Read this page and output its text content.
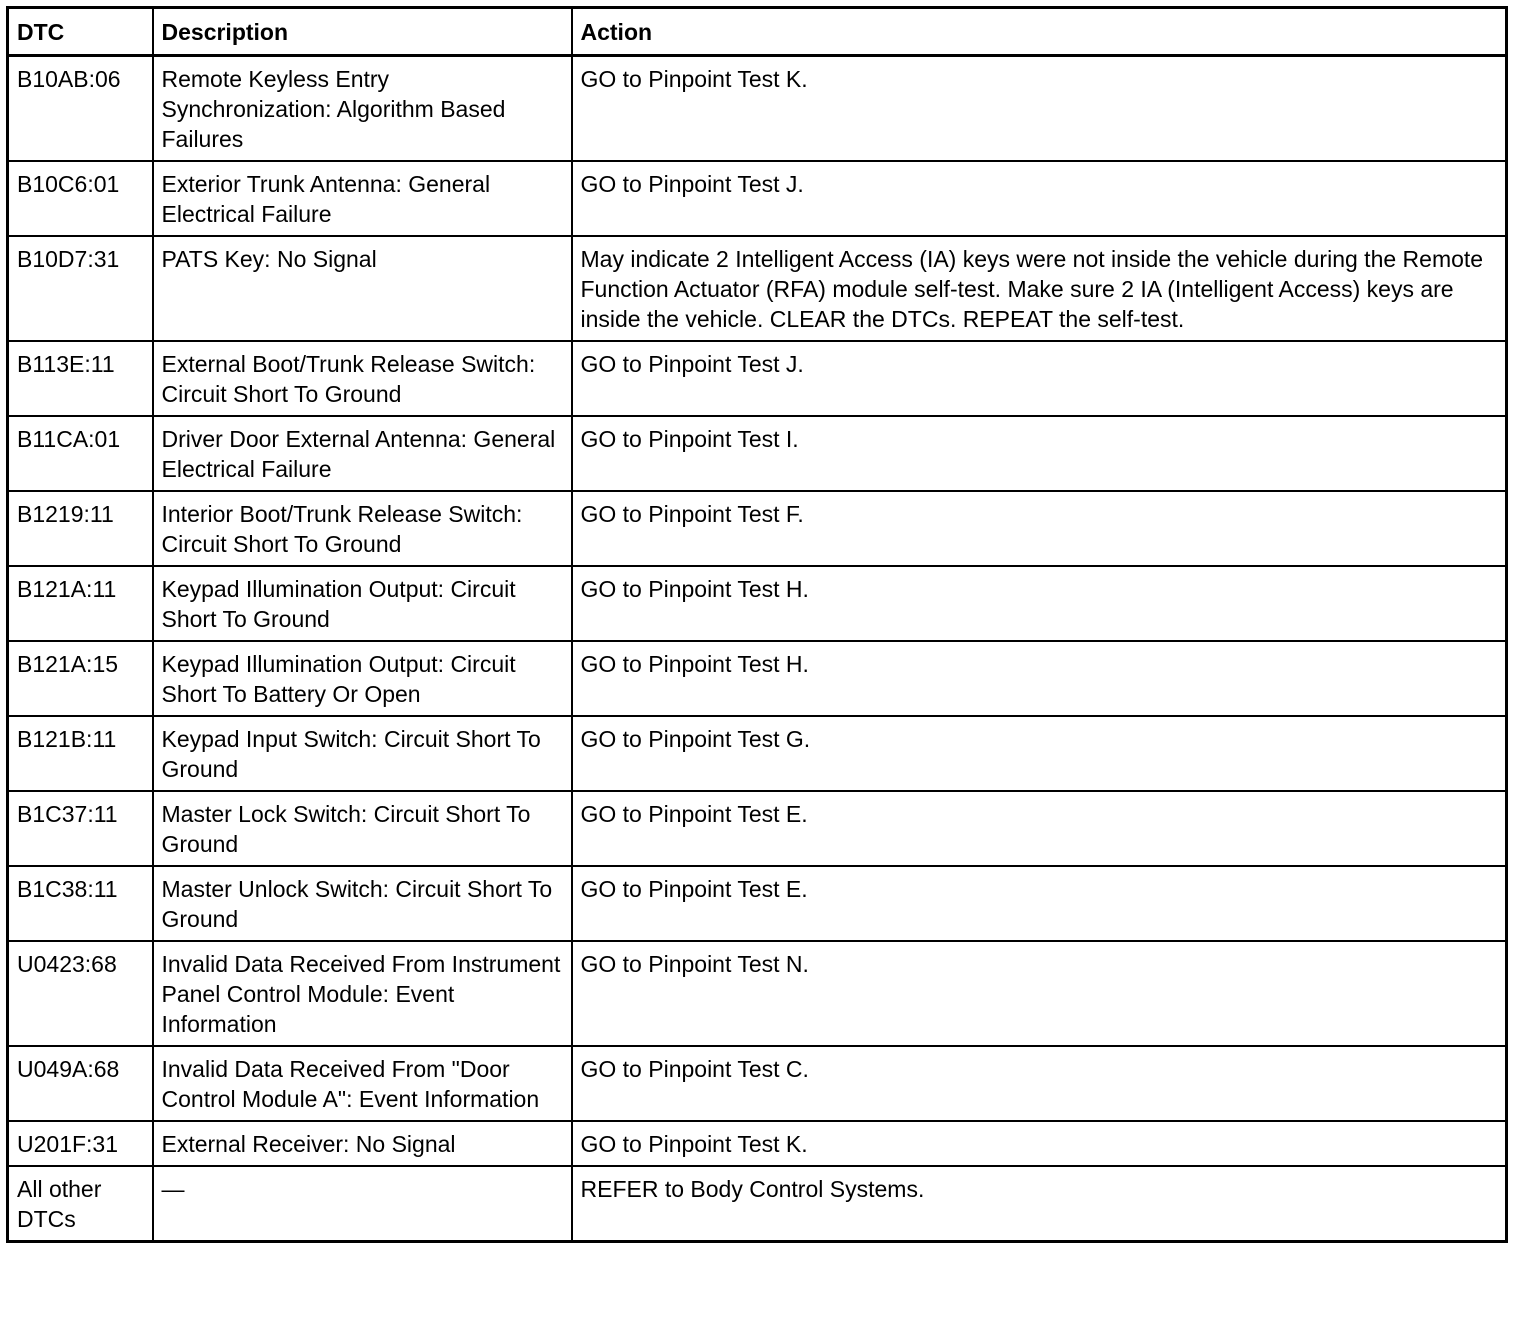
DTC	Description	Action
B10AB:06	Remote Keyless Entry Synchronization: Algorithm Based Failures	GO to Pinpoint Test K.
B10C6:01	Exterior Trunk Antenna: General Electrical Failure	GO to Pinpoint Test J.
B10D7:31	PATS Key: No Signal	May indicate 2 Intelligent Access (IA) keys were not inside the vehicle during the Remote Function Actuator (RFA) module self-test. Make sure 2 IA (Intelligent Access) keys are inside the vehicle. CLEAR the DTCs. REPEAT the self-test.
B113E:11	External Boot/Trunk Release Switch: Circuit Short To Ground	GO to Pinpoint Test J.
B11CA:01	Driver Door External Antenna: General Electrical Failure	GO to Pinpoint Test I.
B1219:11	Interior Boot/Trunk Release Switch: Circuit Short To Ground	GO to Pinpoint Test F.
B121A:11	Keypad Illumination Output: Circuit Short To Ground	GO to Pinpoint Test H.
B121A:15	Keypad Illumination Output: Circuit Short To Battery Or Open	GO to Pinpoint Test H.
B121B:11	Keypad Input Switch: Circuit Short To Ground	GO to Pinpoint Test G.
B1C37:11	Master Lock Switch: Circuit Short To Ground	GO to Pinpoint Test E.
B1C38:11	Master Unlock Switch: Circuit Short To Ground	GO to Pinpoint Test E.
U0423:68	Invalid Data Received From Instrument Panel Control Module: Event Information	GO to Pinpoint Test N.
U049A:68	Invalid Data Received From "Door Control Module A": Event Information	GO to Pinpoint Test C.
U201F:31	External Receiver: No Signal	GO to Pinpoint Test K.
All other DTCs	—	REFER to Body Control Systems.
